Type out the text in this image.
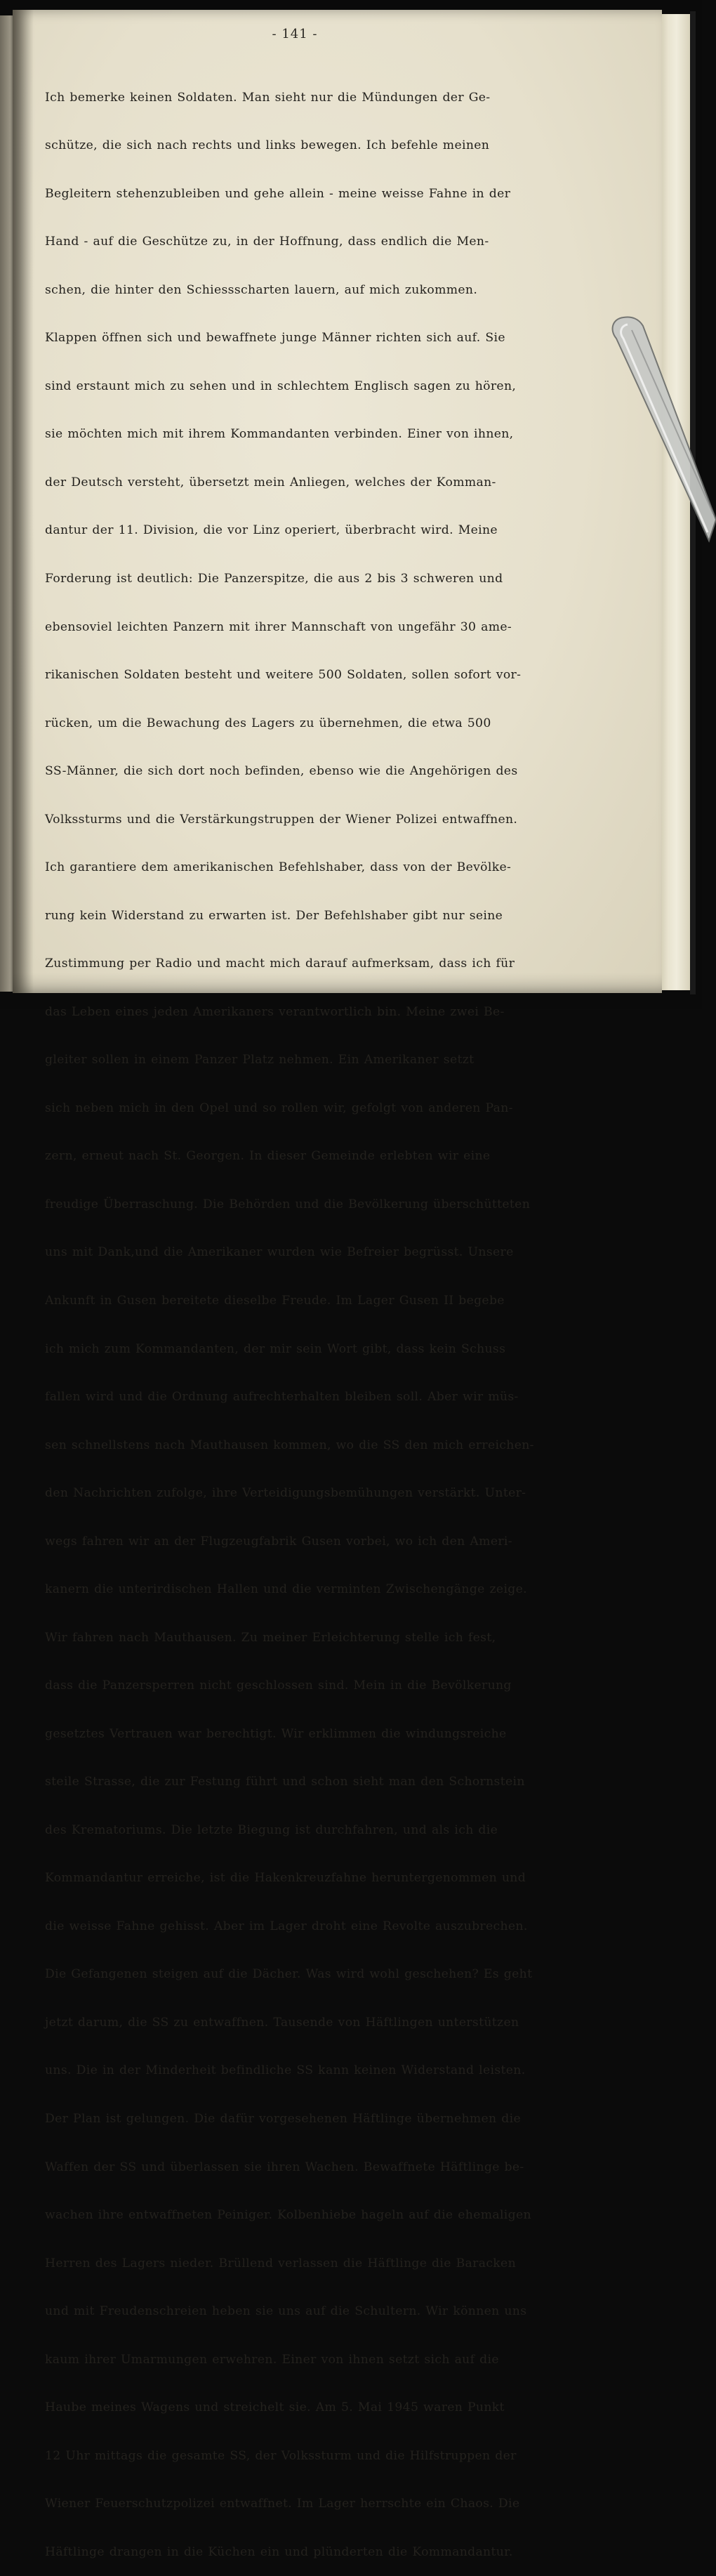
- 141 -

Ich bemerke keinen Soldaten. Man sieht nur die Mündungen der Ge-

schütze, die sich nach rechts und links bewegen. Ich befehle meinen

Begleitern stehenzubleiben und gehe allein - meine weisse Fahne in der

Hand - auf die Geschütze zu, in der Hoffnung, dass endlich die Men-

schen, die hinter den Schiessscharten lauern, auf mich zukommen.

Klappen öffnen sich und bewaffnete junge Männer richten sich auf. Sie

sind erstaunt mich zu sehen und in schlechtem Englisch sagen zu hören,

sie möchten mich mit ihrem Kommandanten verbinden. Einer von ihnen,

der Deutsch versteht, übersetzt mein Anliegen, welches der Komman-

dantur der 11. Division, die vor Linz operiert, überbracht wird. Meine

Forderung ist deutlich: Die Panzerspitze, die aus 2 bis 3 schweren und

ebensoviel leichten Panzern mit ihrer Mannschaft von ungefähr 30 ame-

rikanischen Soldaten besteht und weitere 500 Soldaten, sollen sofort vor-

rücken, um die Bewachung des Lagers zu übernehmen, die etwa 500

SS-Männer, die sich dort noch befinden, ebenso wie die Angehörigen des

Volkssturms und die Verstärkungstruppen der Wiener Polizei entwaffnen.

Ich garantiere dem amerikanischen Befehlshaber, dass von der Bevölke-

rung kein Widerstand zu erwarten ist. Der Befehlshaber gibt nur seine

Zustimmung per Radio und macht mich darauf aufmerksam, dass ich für

das Leben eines jeden Amerikaners verantwortlich bin. Meine zwei Be-

gleiter sollen in einem Panzer Platz nehmen. Ein Amerikaner setzt

sich neben mich in den Opel und so rollen wir, gefolgt von anderen Pan-

zern, erneut nach St. Georgen. In dieser Gemeinde erlebten wir eine

freudige Überraschung. Die Behörden und die Bevölkerung überschütteten

uns mit Dank,und die Amerikaner wurden wie Befreier begrüsst. Unsere

Ankunft in Gusen bereitete dieselbe Freude. Im Lager Gusen II begebe

ich mich zum Kommandanten, der mir sein Wort gibt, dass kein Schuss

fallen wird und die Ordnung aufrechterhalten bleiben soll. Aber wir müs-

sen schnellstens nach Mauthausen kommen, wo die SS den mich erreichen-

den Nachrichten zufolge, ihre Verteidigungsbemühungen verstärkt. Unter-

wegs fahren wir an der Flugzeugfabrik Gusen vorbei, wo ich den Ameri-

kanern die unterirdischen Hallen und die verminten Zwischengänge zeige.

Wir fahren nach Mauthausen. Zu meiner Erleichterung stelle ich fest,

dass die Panzersperren nicht geschlossen sind. Mein in die Bevölkerung

gesetztes Vertrauen war berechtigt. Wir erklimmen die windungsreiche

steile Strasse, die zur Festung führt und schon sieht man den Schornstein

des Krematoriums. Die letzte Biegung ist durchfahren, und als ich die

Kommandantur erreiche, ist die Hakenkreuzfahne heruntergenommen und

die weisse Fahne gehisst. Aber im Lager droht eine Revolte auszubrechen.

Die Gefangenen steigen auf die Dächer. Was wird wohl geschehen? Es geht

jetzt darum, die SS zu entwaffnen. Tausende von Häftlingen unterstützen

uns. Die in der Minderheit befindliche SS kann keinen Widerstand leisten.

Der Plan ist gelungen. Die dafür vorgesehenen Häftlinge übernehmen die

Waffen der SS und überlassen sie ihren Wachen. Bewaffnete Häftlinge be-

wachen ihre entwaffneten Peiniger. Kolbenhiebe hageln auf die ehemaligen

Herren des Lagers nieder. Brüllend verlassen die Häftlinge die Baracken

und mit Freudenschreien heben sie uns auf die Schultern. Wir können uns

kaum ihrer Umarmungen erwehren. Einer von ihnen setzt sich auf die

Haube meines Wagens und streichelt sie. Am 5. Mai 1945 waren Punkt

12 Uhr mittags die gesamte SS, der Volkssturm und die Hilfstruppen der

Wiener Feuerschutzpolizei entwaffnet. Im Lager herrschte ein Chaos. Die

Häftlinge drangen in die Küchen ein und plünderten die Kommandantur.
